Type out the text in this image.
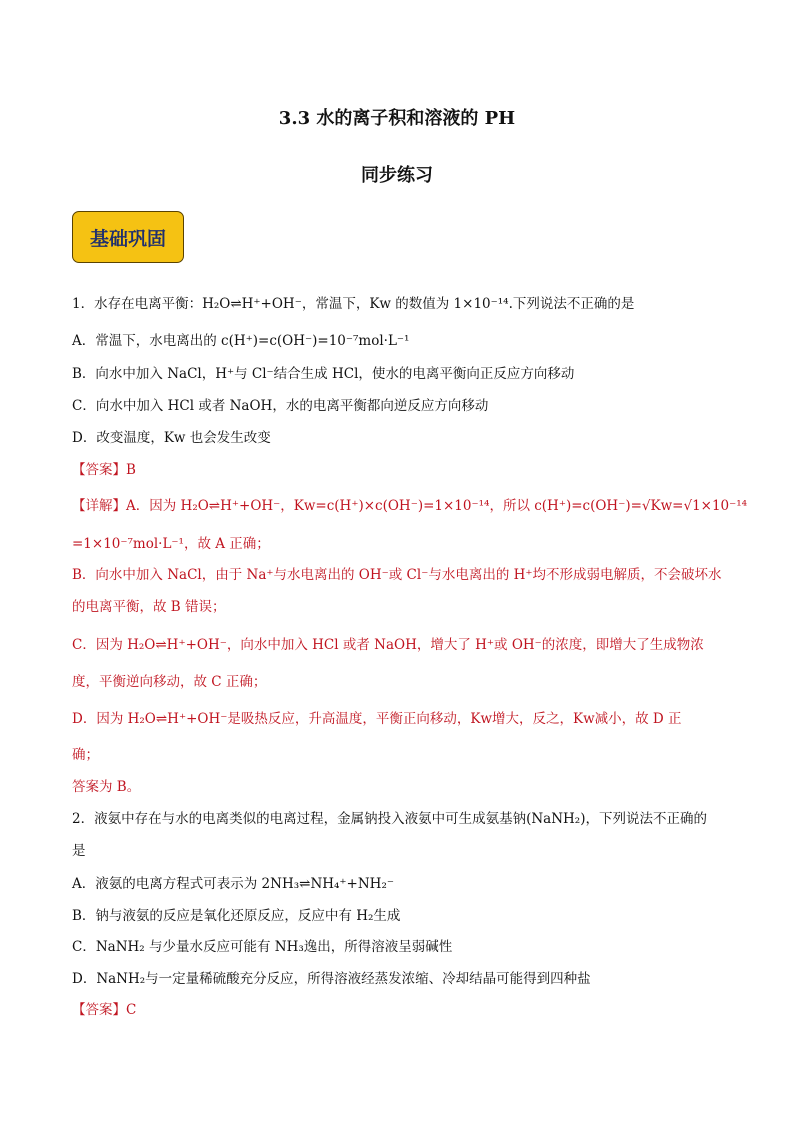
3.3 水的离子积和溶液的 PH
同步练习
基础巩固
1．水存在电离平衡：H₂O⇌H⁺+OH⁻，常温下，Kw 的数值为 1×10⁻¹⁴.下列说法不正确的是
A．常温下，水电离出的 c(H⁺)=c(OH⁻)=10⁻⁷mol·L⁻¹
B．向水中加入 NaCl，H⁺与 Cl⁻结合生成 HCl，使水的电离平衡向正反应方向移动
C．向水中加入 HCl 或者 NaOH，水的电离平衡都向逆反应方向移动
D．改变温度，Kw 也会发生改变
【答案】B
【详解】A．因为 H₂O⇌H⁺+OH⁻，Kw=c(H⁺)×c(OH⁻)=1×10⁻¹⁴，所以 c(H⁺)=c(OH⁻)=√Kw=√1×10⁻¹⁴
=1×10⁻⁷mol·L⁻¹，故 A 正确；
B．向水中加入 NaCl，由于 Na⁺与水电离出的 OH⁻或 Cl⁻与水电离出的 H⁺均不形成弱电解质，不会破坏水
的电离平衡，故 B 错误；
C．因为 H₂O⇌H⁺+OH⁻，向水中加入 HCl 或者 NaOH，增大了 H⁺或 OH⁻的浓度，即增大了生成物浓
度，平衡逆向移动，故 C 正确；
D．因为 H₂O⇌H⁺+OH⁻是吸热反应，升高温度，平衡正向移动，Kw增大，反之，Kw减小，故 D 正
确；
答案为 B。
2．液氨中存在与水的电离类似的电离过程，金属钠投入液氨中可生成氨基钠(NaNH₂)，下列说法不正确的
是
A．液氨的电离方程式可表示为 2NH₃⇌NH₄⁺+NH₂⁻
B．钠与液氨的反应是氧化还原反应，反应中有 H₂生成
C．NaNH₂ 与少量水反应可能有 NH₃逸出，所得溶液呈弱碱性
D．NaNH₂与一定量稀硫酸充分反应，所得溶液经蒸发浓缩、冷却结晶可能得到四种盐
【答案】C
